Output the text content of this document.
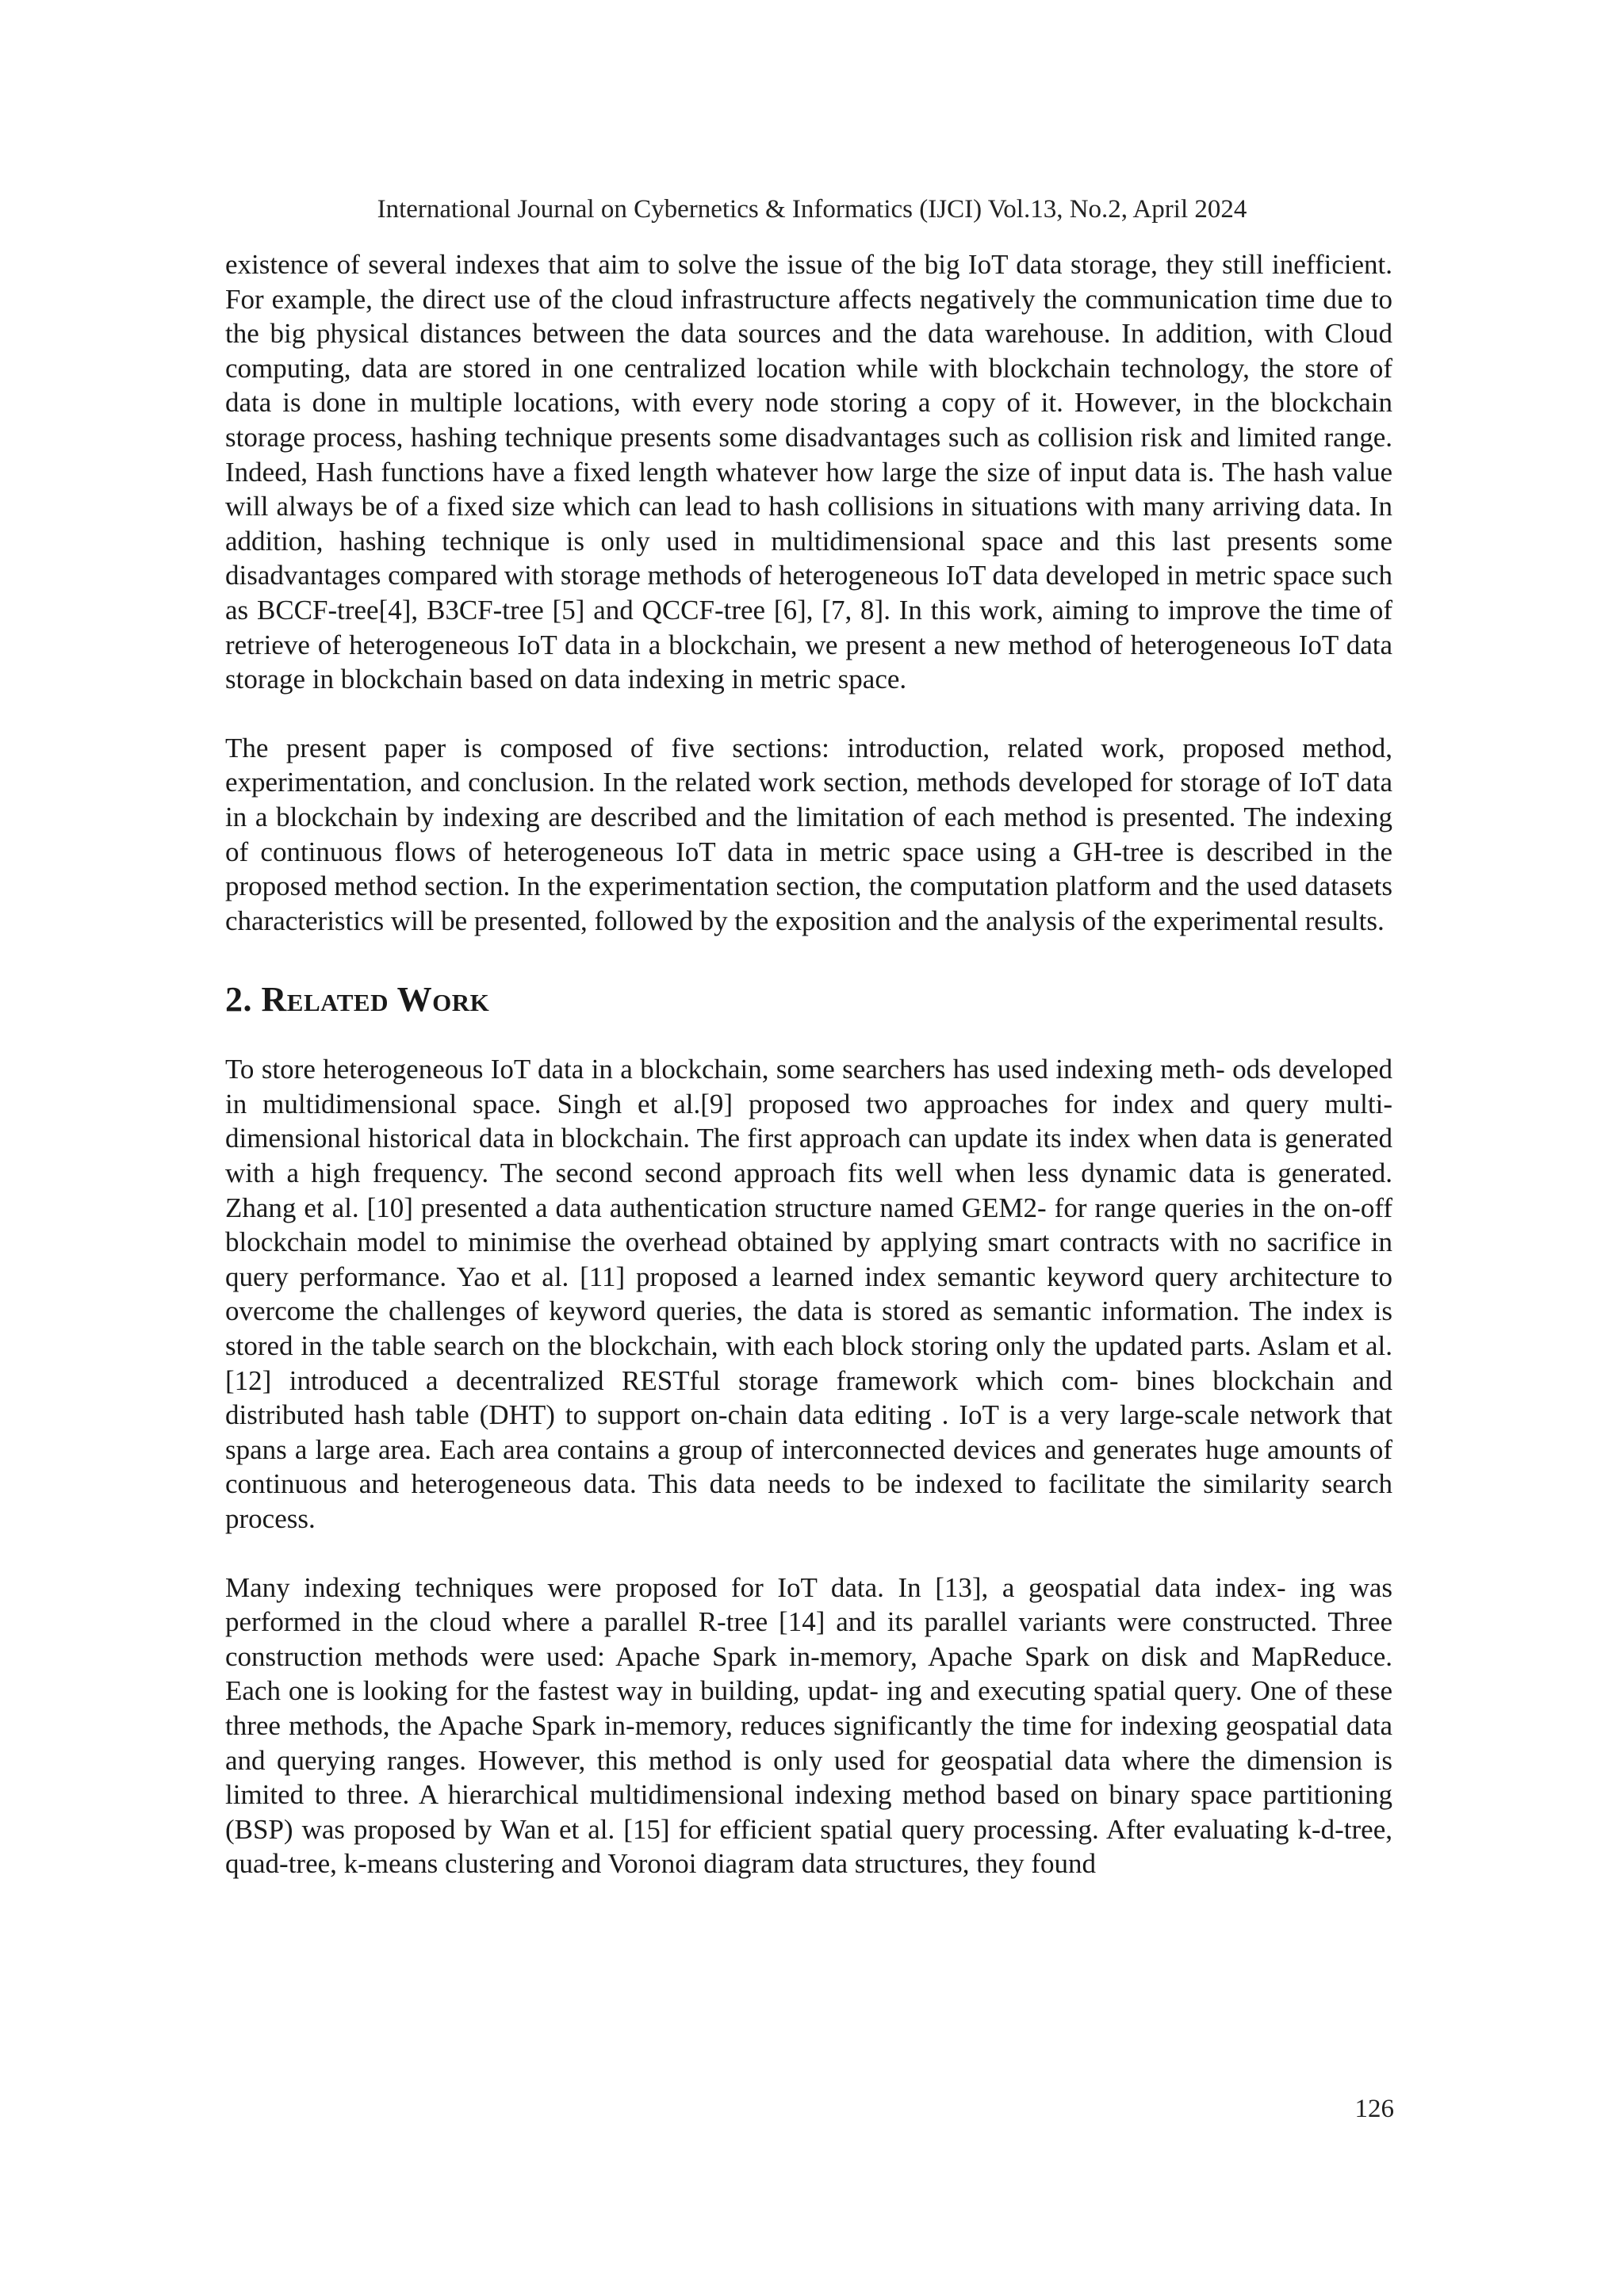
International Journal on Cybernetics & Informatics (IJCI) Vol.13, No.2, April 2024

existence of several indexes that aim to solve the issue of the big IoT data storage, they still inefficient. For example, the direct use of the cloud infrastructure affects negatively the communication time due to the big physical distances between the data sources and the data warehouse. In addition, with Cloud computing, data are stored in one centralized location while with blockchain technology, the store of data is done in multiple locations, with every node storing a copy of it. However, in the blockchain storage process, hashing technique presents some disadvantages such as collision risk and limited range. Indeed, Hash functions have a fixed length whatever how large the size of input data is. The hash value will always be of a fixed size which can lead to hash collisions in situations with many arriving data. In addition, hashing technique is only used in multidimensional space and this last presents some disadvantages compared with storage methods of heterogeneous IoT data developed in metric space such as BCCF-tree[4], B3CF-tree [5] and QCCF-tree [6], [7, 8]. In this work, aiming to improve the time of retrieve of heterogeneous IoT data in a blockchain, we present a new method of heterogeneous IoT data storage in blockchain based on data indexing in metric space.

The present paper is composed of five sections: introduction, related work, proposed method, experimentation, and conclusion. In the related work section, methods developed for storage of IoT data in a blockchain by indexing are described and the limitation of each method is presented. The indexing of continuous flows of heterogeneous IoT data in metric space using a GH-tree is described in the proposed method section. In the experimentation section, the computation platform and the used datasets characteristics will be presented, followed by the exposition and the analysis of the experimental results.

2. Related Work

To store heterogeneous IoT data in a blockchain, some searchers has used indexing meth- ods developed in multidimensional space. Singh et al.[9] proposed two approaches for index and query multi-dimensional historical data in blockchain. The first approach can update its index when data is generated with a high frequency. The second second approach fits well when less dynamic data is generated. Zhang et al. [10] presented a data authentication structure named GEM2- for range queries in the on-off blockchain model to minimise the overhead obtained by applying smart contracts with no sacrifice in query performance. Yao et al. [11] proposed a learned index semantic keyword query architecture to overcome the challenges of keyword queries, the data is stored as semantic information. The index is stored in the table search on the blockchain, with each block storing only the updated parts. Aslam et al.[12] introduced a decentralized RESTful storage framework which com- bines blockchain and distributed hash table (DHT) to support on-chain data editing . IoT is a very large-scale network that spans a large area. Each area contains a group of interconnected devices and generates huge amounts of continuous and heterogeneous data. This data needs to be indexed to facilitate the similarity search process.

Many indexing techniques were proposed for IoT data. In [13], a geospatial data index- ing was performed in the cloud where a parallel R-tree [14] and its parallel variants were constructed. Three construction methods were used: Apache Spark in-memory, Apache Spark on disk and MapReduce. Each one is looking for the fastest way in building, updat- ing and executing spatial query. One of these three methods, the Apache Spark in-memory, reduces significantly the time for indexing geospatial data and querying ranges. However, this method is only used for geospatial data where the dimension is limited to three. A hierarchical multidimensional indexing method based on binary space partitioning (BSP) was proposed by Wan et al. [15] for efficient spatial query processing. After evaluating k-d-tree, quad-tree, k-means clustering and Voronoi diagram data structures, they found

126
